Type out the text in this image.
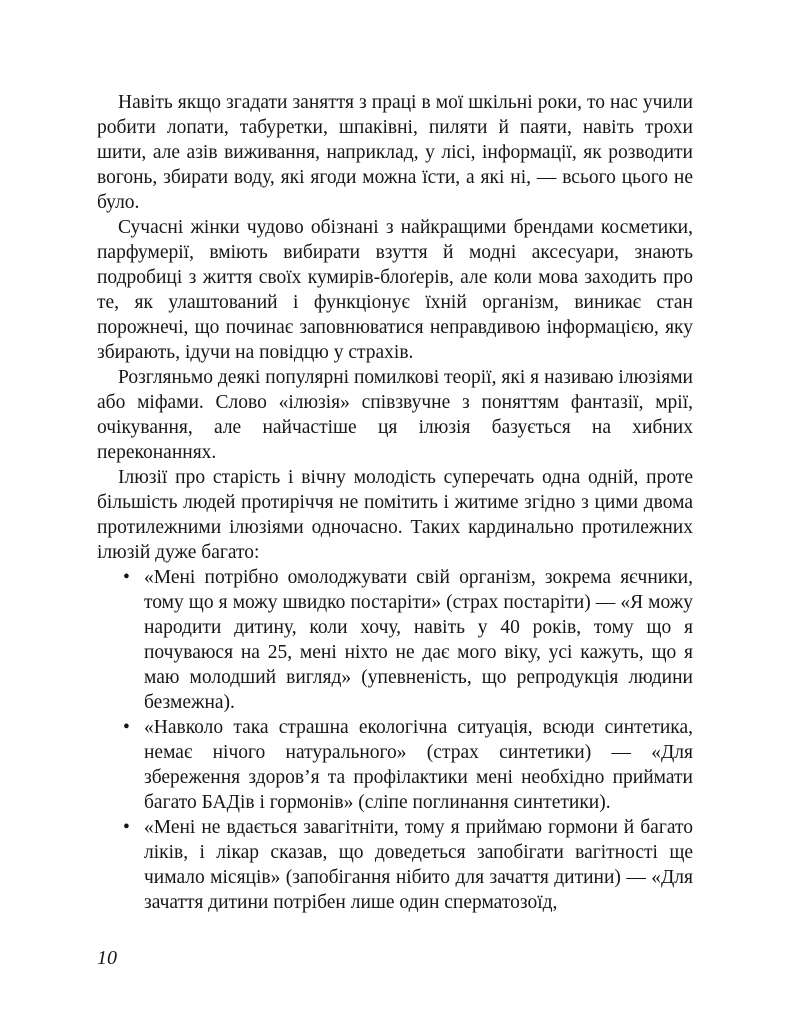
Навіть якщо згадати заняття з праці в мої шкільні роки, то нас учили робити лопати, табуретки, шпаківні, пиляти й паяти, навіть трохи шити, але азів виживання, наприклад, у лісі, інформації, як розводити вогонь, збирати воду, які ягоди можна їсти, а які ні, — всього цього не було.

Сучасні жінки чудово обізнані з найкращими брендами косметики, парфумерії, вміють вибирати взуття й модні аксесуари, знають подробиці з життя своїх кумирів-блоґерів, але коли мова заходить про те, як улаштований і функціонує їхній організм, виникає стан порожнечі, що починає заповнюватися неправдивою інформацією, яку збирають, ідучи на повідцю у страхів.

Розгляньмо деякі популярні помилкові теорії, які я називаю ілюзіями або міфами. Слово «ілюзія» співзвучне з поняттям фантазії, мрії, очікування, але найчастіше ця ілюзія базується на хибних переконаннях.

Ілюзії про старість і вічну молодість суперечать одна одній, проте більшість людей протиріччя не помітить і житиме згідно з цими двома протилежними ілюзіями одночасно. Таких кардинально протилежних ілюзій дуже багато:

• «Мені потрібно омолоджувати свій організм, зокрема яєчники, тому що я можу швидко постаріти» (страх постаріти) — «Я можу народити дитину, коли хочу, навіть у 40 років, тому що я почуваюся на 25, мені ніхто не дає мого віку, усі кажуть, що я маю молодший вигляд» (упевненість, що репродукція людини безмежна).
• «Навколо така страшна екологічна ситуація, всюди синтетика, немає нічого натурального» (страх синтетики) — «Для збереження здоров’я та профілактики мені необхідно приймати багато БАДів і гормонів» (сліпе поглинання синтетики).
• «Мені не вдається завагітніти, тому я приймаю гормони й багато ліків, і лікар сказав, що доведеться запобігати вагітності ще чимало місяців» (запобігання нібито для зачаття дитини) — «Для зачаття дитини потрібен лише один сперматозоїд,
10
